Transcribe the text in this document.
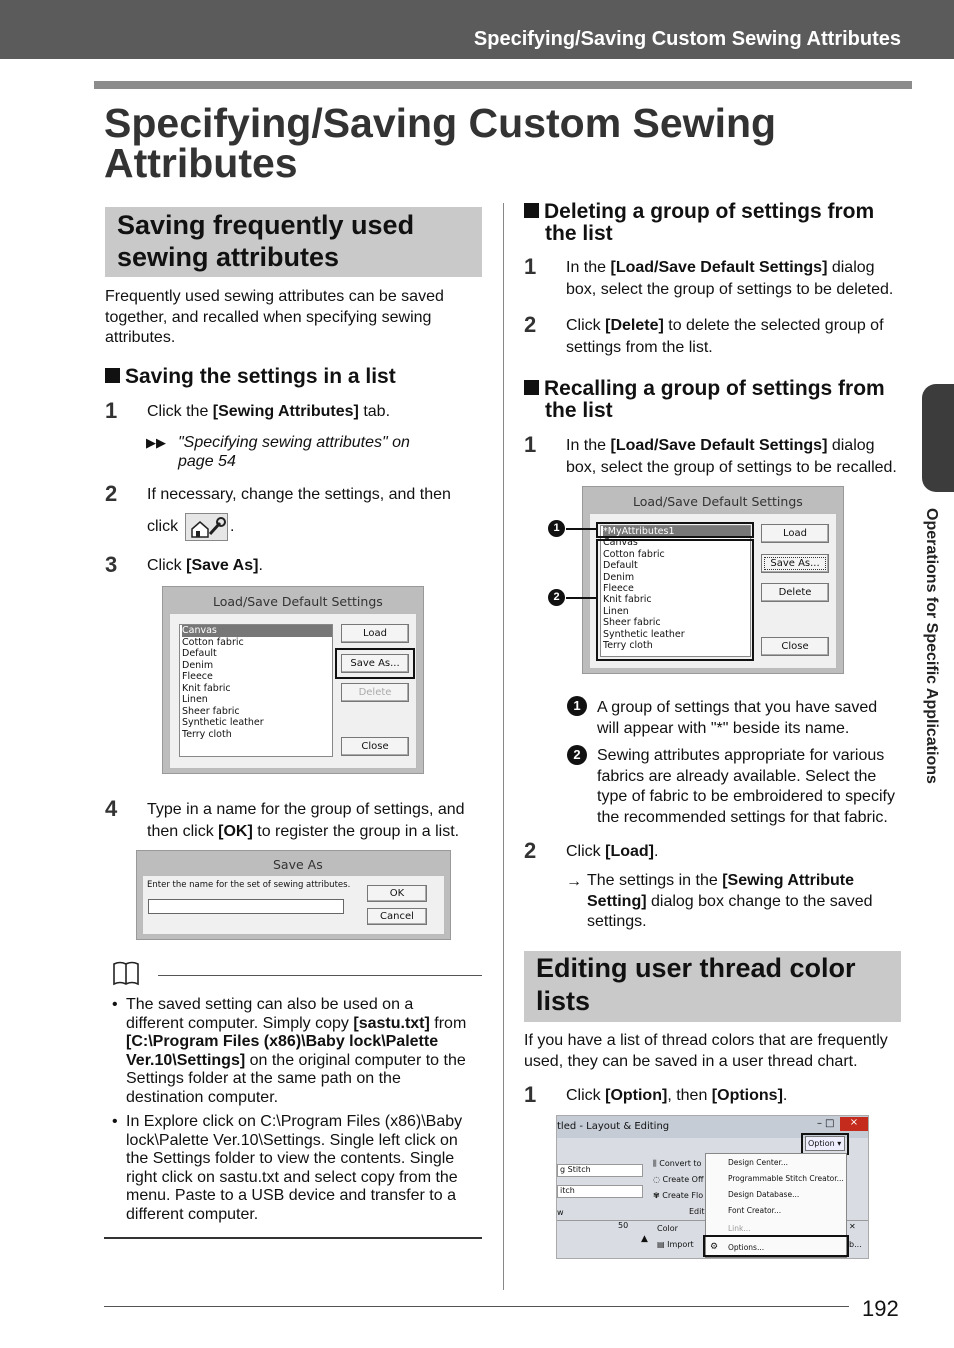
Specifying/Saving Custom Sewing Attributes
Specifying/Saving Custom Sewing
Attributes
Operations for Specific Applications
Saving frequently used
sewing attributes
Frequently used sewing attributes can be saved
together, and recalled when specifying sewing
attributes.
Saving the settings in a list
1 Click the [Sewing Attributes] tab.
▶▶ "Specifying sewing attributes" on
page 54
2 If necessary, change the settings, and then
click	.
3 Click [Save As].
Load/Save Default Settings
Canvas
Cotton fabric
Default
Denim
Fleece
Knit fabric
Linen
Sheer fabric
Synthetic leather
Terry cloth
Load
Save As...
Delete
Close
4 Type in a name for the group of settings, and
then click [OK] to register the group in a list.
Save As
Enter the name for the set of sewing attributes.
OK
Cancel
• The saved setting can also be used on a
different computer. Simply copy [sastu.txt] from
[C:\Program Files (x86)\Baby lock\Palette
Ver.10\Settings] on the original computer to the
Settings folder at the same path on the
destination computer.
• In Explore click on C:\Program Files (x86)\Baby
lock\Palette Ver.10\Settings. Single left click on
the Settings folder to view the contents. Single
right click on sastu.txt and select copy from the
menu. Paste to a USB device and transfer to a
different computer.
Deleting a group of settings from
the list
1 In the [Load/Save Default Settings] dialog
box, select the group of settings to be deleted.
2 Click [Delete] to delete the selected group of
settings from the list.
Recalling a group of settings from
the list
1 In the [Load/Save Default Settings] dialog
box, select the group of settings to be recalled.
Load/Save Default Settings
*MyAttributes1
Canvas
Cotton fabric
Default
Denim
Fleece
Knit fabric
Linen
Sheer fabric
Synthetic leather
Terry cloth
Load
Save As...
Delete
Close
1
2
1	A group of settings that you have saved
will appear with "*" beside its name.
2	Sewing attributes appropriate for various
fabrics are already available. Select the
type of fabric to be embroidered to specify
the recommended settings for that fabric.
2 Click [Load].
→ The settings in the [Sewing Attribute
Setting] dialog box change to the saved
settings.
Editing user thread color
lists
If you have a list of thread colors that are frequently
used, they can be saved in a user thread chart.
1 Click [Option], then [Options].
tled - Layout & Editing	– □	×
Option ▾
g Stitch
itch
w
⫼ Convert to
◌ Create Off
✾ Create Flo
Edit
50	Color
▲
▤ Import
✕
b...
Design Center...
Programmable Stitch Creator...
Design Database...
Font Creator...
Link...
⚙ Options...
192
